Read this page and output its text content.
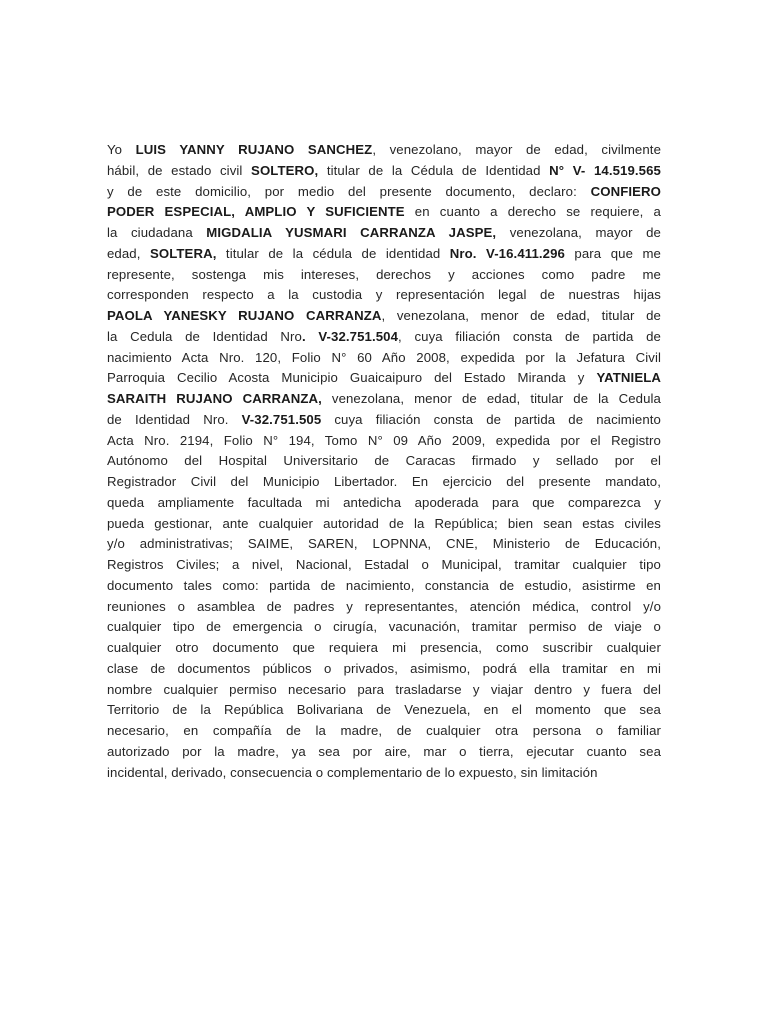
Yo LUIS YANNY RUJANO SANCHEZ, venezolano, mayor de edad, civilmente
hábil, de estado civil SOLTERO, titular de la Cédula de Identidad N° V- 14.519.565
y de este domicilio, por medio del presente documento, declaro: CONFIERO
PODER ESPECIAL, AMPLIO Y SUFICIENTE en cuanto a derecho se requiere, a
la ciudadana MIGDALIA YUSMARI CARRANZA JASPE, venezolana, mayor de
edad, SOLTERA, titular de la cédula de identidad Nro. V-16.411.296 para que me
represente, sostenga mis intereses, derechos y acciones como padre me
corresponden respecto a la custodia y representación legal de nuestras hijas
PAOLA YANESKY RUJANO CARRANZA, venezolana, menor de edad, titular de
la Cedula de Identidad Nro. V-32.751.504, cuya filiación consta de partida de
nacimiento Acta Nro. 120, Folio N° 60 Año 2008, expedida por la Jefatura Civil
Parroquia Cecilio Acosta Municipio Guaicaipuro del Estado Miranda y YATNIELA
SARAITH RUJANO CARRANZA, venezolana, menor de edad, titular de la Cedula
de Identidad Nro. V-32.751.505 cuya filiación consta de partida de nacimiento
Acta Nro. 2194, Folio N° 194, Tomo N° 09 Año 2009, expedida por el Registro
Autónomo del Hospital Universitario de Caracas firmado y sellado por el
Registrador Civil del Municipio Libertador. En ejercicio del presente mandato,
queda ampliamente facultada mi antedicha apoderada para que comparezca y
pueda gestionar, ante cualquier autoridad de la República; bien sean estas civiles
y/o administrativas; SAIME, SAREN, LOPNNA, CNE, Ministerio de Educación,
Registros Civiles; a nivel, Nacional, Estadal o Municipal, tramitar cualquier tipo
documento tales como: partida de nacimiento, constancia de estudio, asistirme en
reuniones o asamblea de padres y representantes, atención médica, control y/o
cualquier tipo de emergencia o cirugía, vacunación, tramitar permiso de viaje o
cualquier otro documento que requiera mi presencia, como suscribir cualquier
clase de documentos públicos o privados, asimismo, podrá ella tramitar en mi
nombre cualquier permiso necesario para trasladarse y viajar dentro y fuera del
Territorio de la República Bolivariana de Venezuela, en el momento que sea
necesario, en compañía de la madre, de cualquier otra persona o familiar
autorizado por la madre, ya sea por aire, mar o tierra, ejecutar cuanto sea
incidental, derivado, consecuencia o complementario de lo expuesto, sin limitación
